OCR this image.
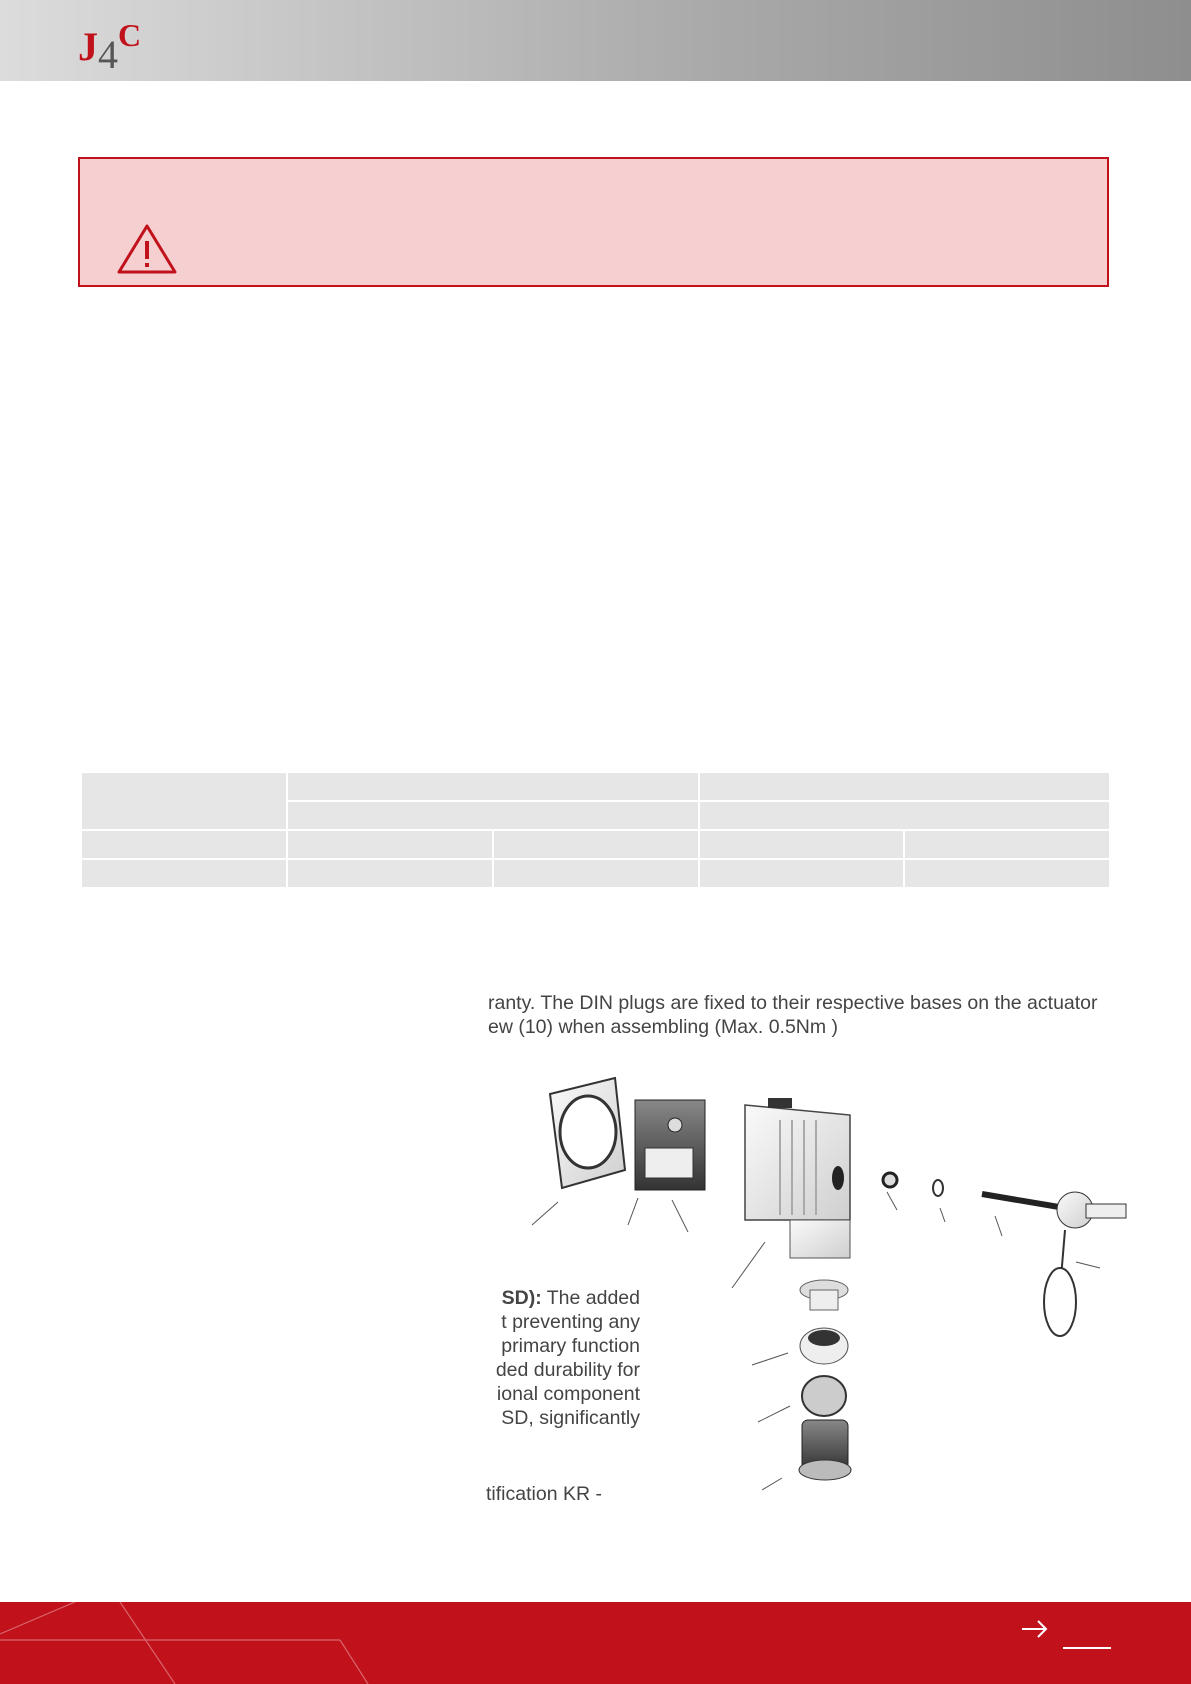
J 4 C

ranty. The DIN plugs are fixed to their respective bases on the actuator
ew (10) when assembling (Max. 0.5Nm )
SD): The added
t preventing any
primary function
ded durability for
ional component
SD, significantly
tification KR -
